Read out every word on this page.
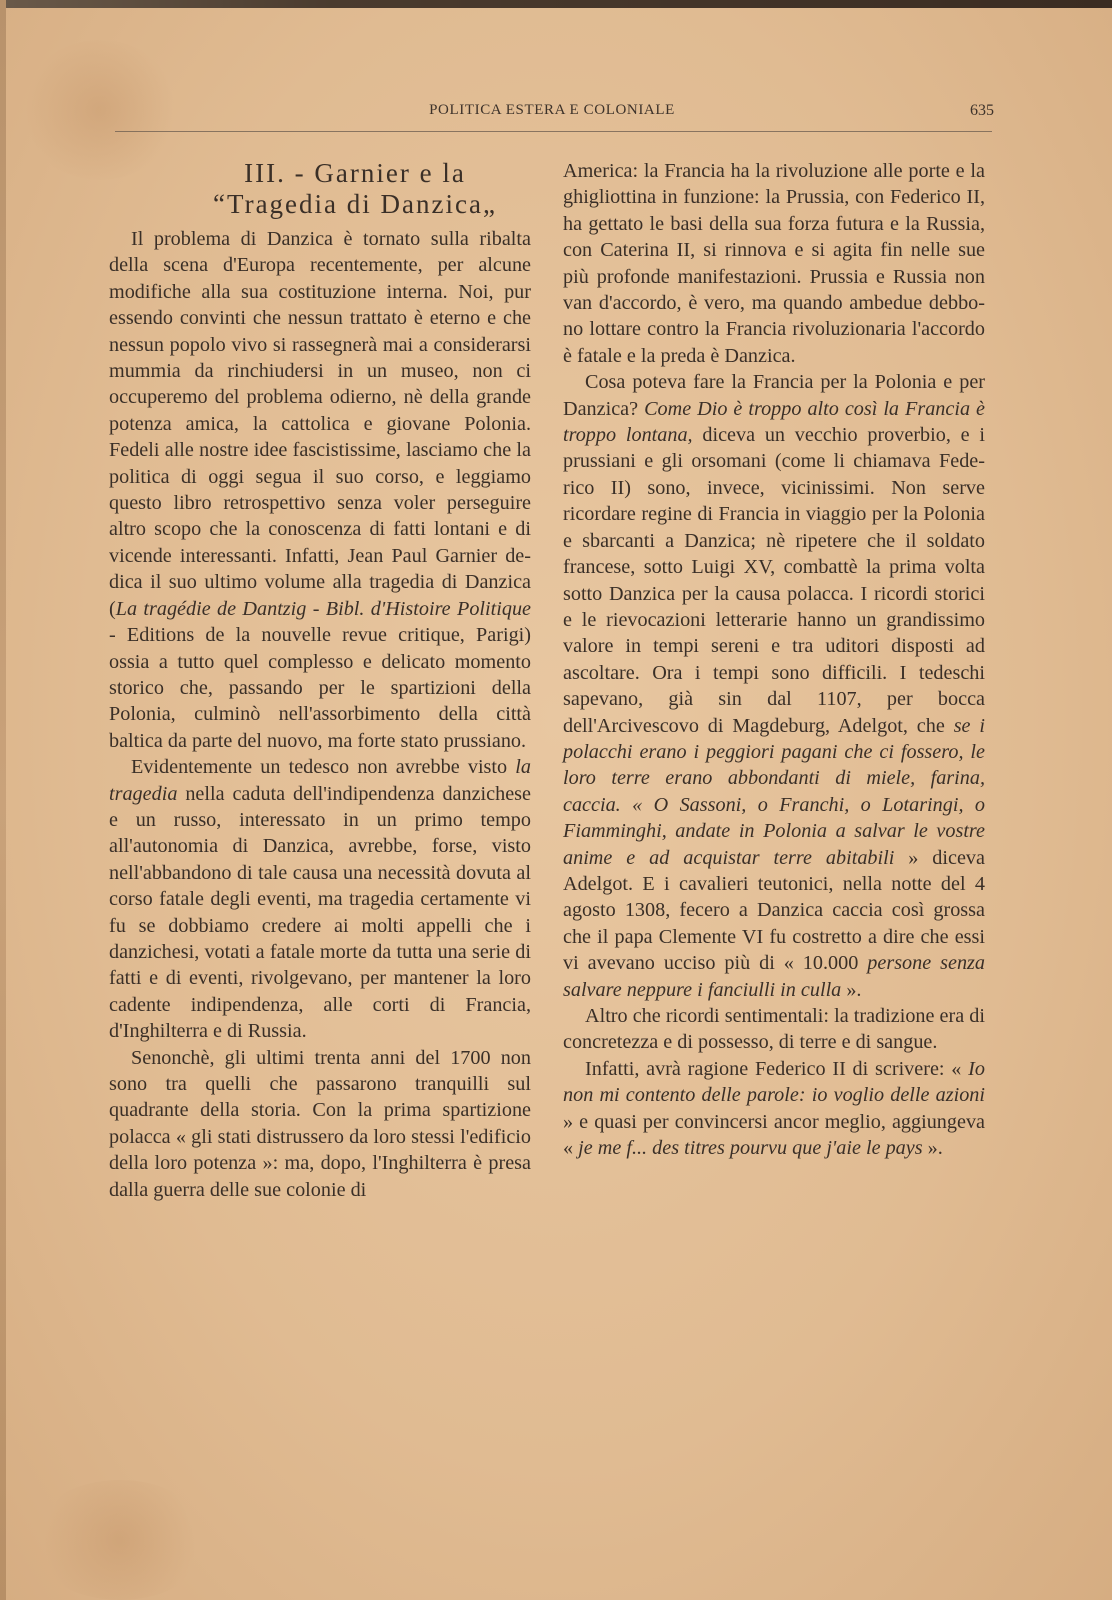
POLITICA ESTERA E COLONIALE	635
III. - Garnier e la
“Tragedia di Danzica„

Il problema di Danzica è tornato sulla ribalta della scena d'Europa recentemente, per alcune modifiche alla sua costituzione interna. Noi, pur essendo convinti che nessun trattato è eterno e che nessun popolo vivo si rassegnerà mai a considerarsi mummia da rinchiudersi in un museo, non ci occuperemo del problema odierno, nè della grande potenza amica, la cattolica e giovane Polonia. Fedeli alle nostre idee fascistissime, lasciamo che la politica di oggi segua il suo corso, e leggiamo questo libro retrospettivo senza voler perseguire altro scopo che la conoscenza di fatti lontani e di vicende interessanti. Infatti, Jean Paul Garnier dedica il suo ultimo volume alla tragedia di Danzica (La tragédie de Dantzig - Bibl. d'Histoire Politique - Editions de la nouvelle revue critique, Parigi) ossia a tutto quel complesso e delicato momento storico che, passando per le spartizioni della Polonia, culminò nell'assorbimento della città baltica da parte del nuovo, ma forte stato prussiano.

Evidentemente un tedesco non avrebbe visto la tragedia nella caduta dell'indipendenza danzichese e un russo, interessato in un primo tempo all'autonomia di Danzica, avrebbe, forse, visto nell'abbandono di tale causa una necessità dovuta al corso fatale degli eventi, ma tragedia certamente vi fu se dobbiamo credere ai molti appelli che i danzichesi, votati a fatale morte da tutta una serie di fatti e di eventi, rivolgevano, per mantener la loro cadente indipendenza, alle corti di Francia, d'Inghilterra e di Russia.

Senonchè, gli ultimi trenta anni del 1700 non sono tra quelli che passarono tranquilli sul quadrante della storia. Con la prima spartizione polacca « gli stati distrussero da loro stessi l'edificio della loro potenza »: ma, dopo, l'Inghilterra è presa dalla guerra delle sue colonie di

America: la Francia ha la rivoluzione alle porte e la ghigliottina in funzione: la Prussia, con Federico II, ha gettato le basi della sua forza futura e la Russia, con Caterina II, si rinnova e si agita fin nelle sue più profonde manifestazioni. Prussia e Russia non van d'accordo, è vero, ma quando ambedue debbono lottare contro la Francia rivoluzionaria l'accordo è fatale e la preda è Danzica.

Cosa poteva fare la Francia per la Polonia e per Danzica? Come Dio è troppo alto così la Francia è troppo lontana, diceva un vecchio proverbio, e i prussiani e gli orsomani (come li chiamava Federico II) sono, invece, vicinissimi. Non serve ricordare regine di Francia in viaggio per la Polonia e sbarcanti a Danzica; nè ripetere che il soldato francese, sotto Luigi XV, combattè la prima volta sotto Danzica per la causa polacca. I ricordi storici e le rievocazioni letterarie hanno un grandissimo valore in tempi sereni e tra uditori disposti ad ascoltare. Ora i tempi sono difficili. I tedeschi sapevano, già sin dal 1107, per bocca dell'Arcivescovo di Magdeburg, Adelgot, che se i polacchi erano i peggiori pagani che ci fossero, le loro terre erano abbondanti di miele, farina, caccia. « O Sassoni, o Franchi, o Lotaringi, o Fiamminghi, andate in Polonia a salvar le vostre anime e ad acquistar terre abitabili » diceva Adelgot. E i cavalieri teutonici, nella notte del 4 agosto 1308, fecero a Danzica caccia così grossa che il papa Clemente VI fu costretto a dire che essi vi avevano ucciso più di « 10.000 persone senza salvare neppure i fanciulli in culla ».

Altro che ricordi sentimentali: la tradizione era di concretezza e di possesso, di terre e di sangue.

Infatti, avrà ragione Federico II di scrivere: « Io non mi contento delle parole: io voglio delle azioni » e quasi per convincersi ancor meglio, aggiungeva « je me f... des titres pourvu que j'aie le pays ».
